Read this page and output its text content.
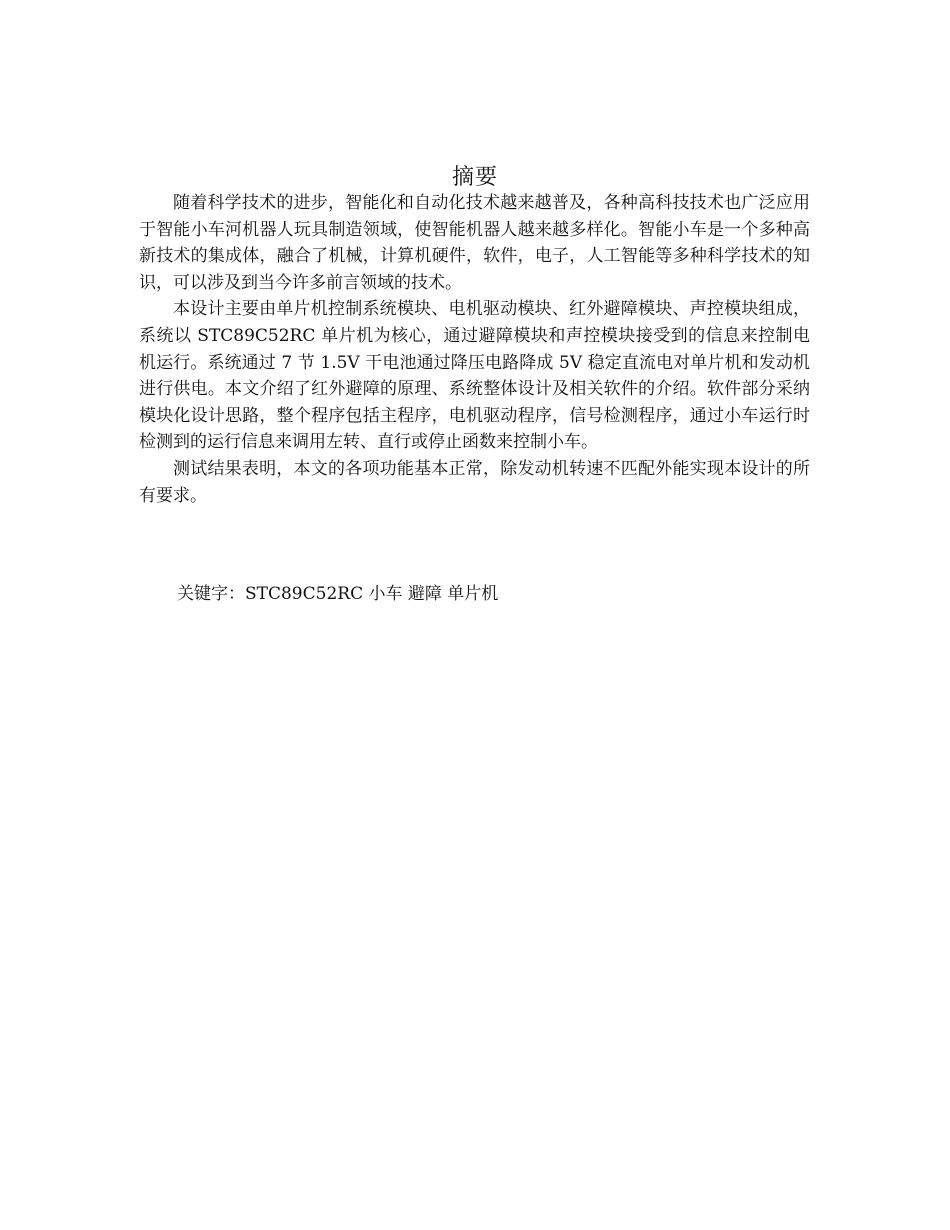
摘要

随着科学技术的进步，智能化和自动化技术越来越普及，各种高科技技术也广泛应用于智能小车河机器人玩具制造领域，使智能机器人越来越多样化。智能小车是一个多种高新技术的集成体，融合了机械，计算机硬件，软件，电子，人工智能等多种科学技术的知识，可以涉及到当今许多前言领域的技术。

本设计主要由单片机控制系统模块、电机驱动模块、红外避障模块、声控模块组成，系统以 STC89C52RC 单片机为核心，通过避障模块和声控模块接受到的信息来控制电机运行。系统通过 7 节 1.5V 干电池通过降压电路降成 5V 稳定直流电对单片机和发动机进行供电。本文介绍了红外避障的原理、系统整体设计及相关软件的介绍。软件部分采纳模块化设计思路，整个程序包括主程序，电机驱动程序，信号检测程序，通过小车运行时检测到的运行信息来调用左转、直行或停止函数来控制小车。

测试结果表明，本文的各项功能基本正常，除发动机转速不匹配外能实现本设计的所有要求。

关键字：STC89C52RC 小车 避障 单片机
